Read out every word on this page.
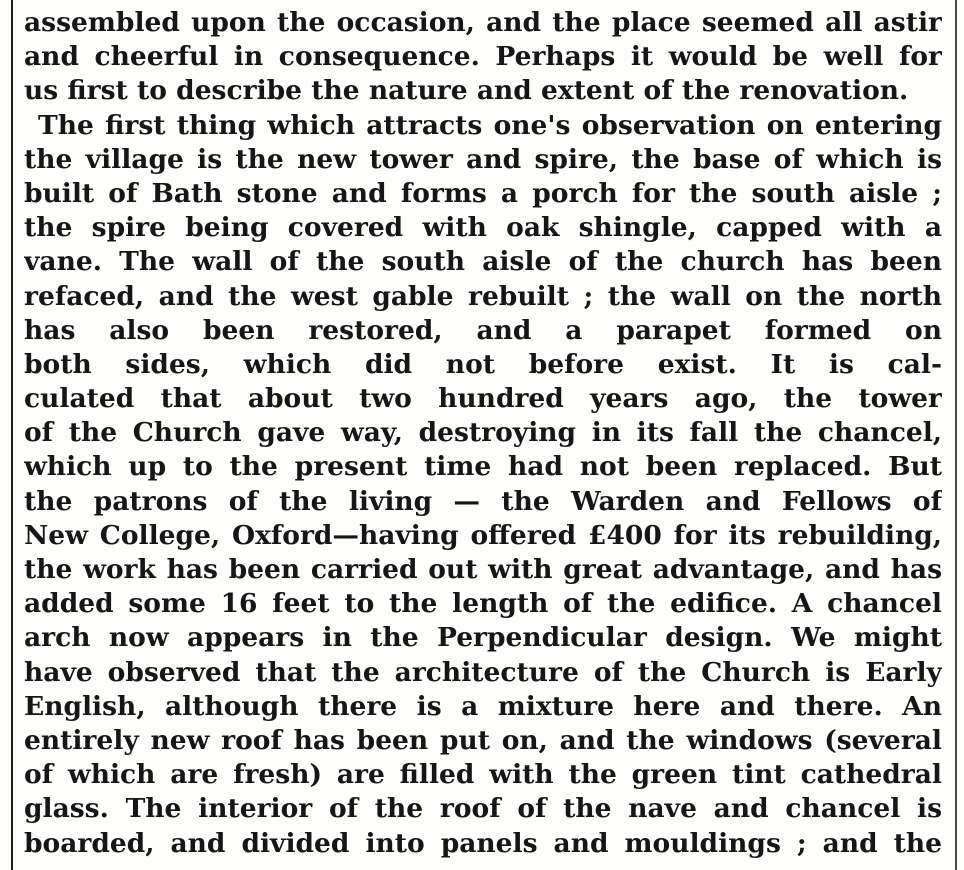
assembled upon the occasion, and the place seemed all astir
and cheerful in consequence. Perhaps it would be well for
us first to describe the nature and extent of the renovation.
The first thing which attracts one's observation on entering
the village is the new tower and spire, the base of which is
built of Bath stone and forms a porch for the south aisle ;
the spire being covered with oak shingle, capped with a
vane. The wall of the south aisle of the church has been
refaced, and the west gable rebuilt ; the wall on the north
has also been restored, and a parapet formed on
both sides, which did not before exist. It is cal-
culated that about two hundred years ago, the tower
of the Church gave way, destroying in its fall the chancel,
which up to the present time had not been replaced. But
the patrons of the living — the Warden and Fellows of
New College, Oxford—having offered £400 for its rebuilding,
the work has been carried out with great advantage, and has
added some 16 feet to the length of the edifice. A chancel
arch now appears in the Perpendicular design. We might
have observed that the architecture of the Church is Early
English, although there is a mixture here and there. An
entirely new roof has been put on, and the windows (several
of which are fresh) are filled with the green tint cathedral
glass. The interior of the roof of the nave and chancel is
boarded, and divided into panels and mouldings ; and the
